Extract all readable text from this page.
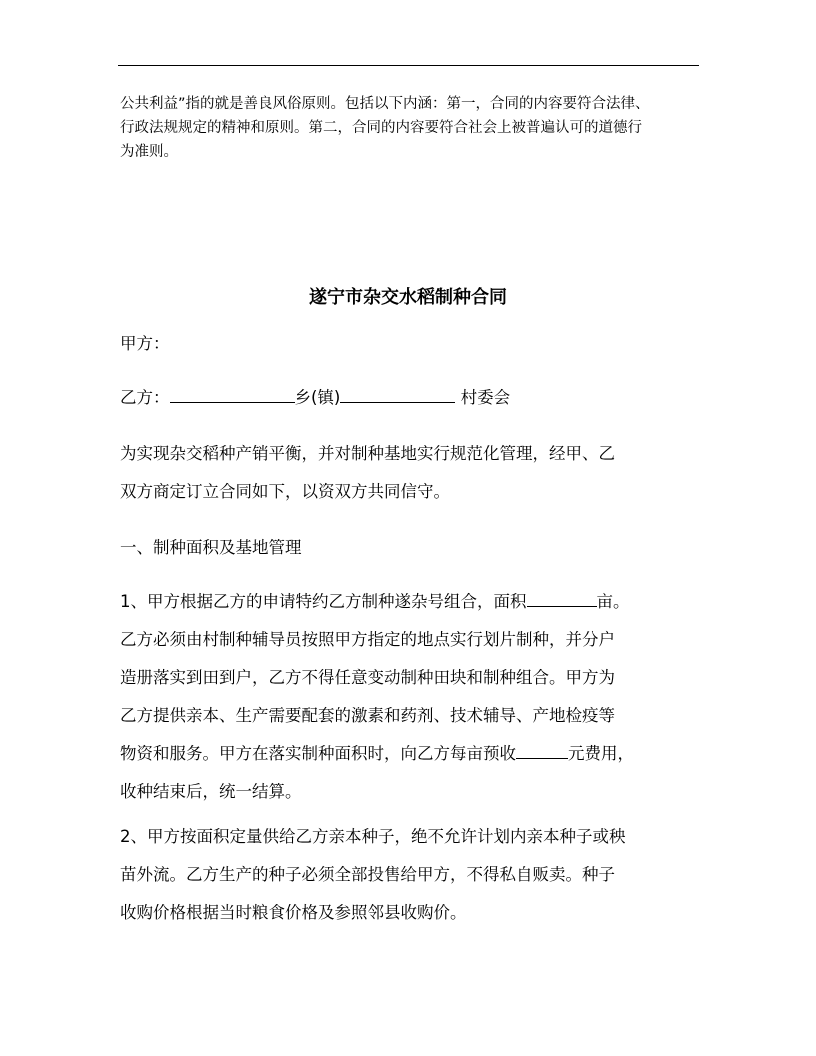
公共利益”指的就是善良风俗原则。包括以下内涵：第一，合同的内容要符合法律、
行政法规规定的精神和原则。第二，合同的内容要符合社会上被普遍认可的道德行
为准则。
遂宁市杂交水稻制种合同
甲方：
乙方：	乡(镇)	村委会
为实现杂交稻种产销平衡，并对制种基地实行规范化管理，经甲、乙
双方商定订立合同如下，以资双方共同信守。
一、制种面积及基地管理
1、甲方根据乙方的申请特约乙方制种遂杂号组合，面积	亩。
乙方必须由村制种辅导员按照甲方指定的地点实行划片制种，并分户
造册落实到田到户，乙方不得任意变动制种田块和制种组合。甲方为
乙方提供亲本、生产需要配套的激素和药剂、技术辅导、产地检疫等
物资和服务。甲方在落实制种面积时，向乙方每亩预收	元费用，
收种结束后，统一结算。
2、甲方按面积定量供给乙方亲本种子，绝不允许计划内亲本种子或秧
苗外流。乙方生产的种子必须全部投售给甲方，不得私自贩卖。种子
收购价格根据当时粮食价格及参照邻县收购价。
